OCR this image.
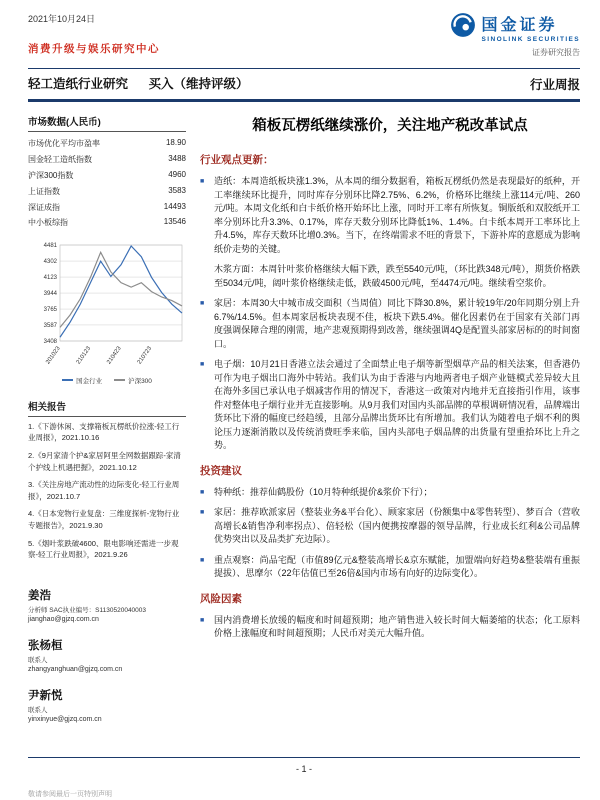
2021年10月24日
消费升级与娱乐研究中心
国金证券
SINOLINK SECURITIES
证券研究报告
轻工造纸行业研究 买入（维持评级）	行业周报
市场数据(人民币)
市场优化平均市盈率	18.90
国金轻工造纸指数	3488
沪深300指数	4960
上证指数	3583
深证成指	14493
中小板综指	13546
3408
3587
3765
3944
4123
4302
4481
201023 210123 210423 210723
国金行业	沪深300
相关报告
1.《下游休闲、支撑箱板瓦楞纸价拉涨-轻工行业周报》 ， 2021.10.16
2.《9月家清个护&家居阿里全网数据跟踪-家清个护线上机遇把握》 ， 2021.10.12
3.《关注房地产流动性的边际变化-轻工行业周报》 ， 2021.10.7
4.《日本宠物行业复盘：三维度探析-宠物行业专题报告》 ， 2021.9.30
5.《烟叶浆跌破4600、限电影响还需进一步观察-轻工行业周报》 ， 2021.9.26
姜浩
分析师 SAC执业编号：S1130520040003
jianghao@gjzq.com.cn
张杨桓
联系人
zhangyanghuan@gjzq.com.cn
尹新悦
联系人
yinxinyue@gjzq.com.cn
箱板瓦楞纸继续涨价，关注地产税改革试点
行业观点更新：
■
造纸：本周造纸板块涨1.3%，从本周的细分数据看，箱板瓦楞纸仍然是表现最好的纸种，开工率继续环比提升，同时库存分别环比降2.75%、6.2%，价格环比继续上涨114元/吨、260元/吨。本周文化纸和白卡纸价格开始环比上涨，同时开工率有所恢复。铜版纸和双胶纸开工率分别环比升3.3%、0.17%，库存天数分别环比降低1%、1.4%。白卡纸本周开工率环比上升4.5%，库存天数环比增0.3%。当下，在终端需求不旺的背景下，下游补库的意愿成为影响纸价走势的关键。
木浆方面：本周针叶浆价格继续大幅下跌，跌至5540元/吨，（环比跌348元/吨），期货价格跌至5034元/吨，阔叶浆价格继续走低，跌破4500元/吨，至4474元/吨。继续看空浆价。
■
家居：本周30大中城市成交面积（当周值）同比下降30.8%，累计较19年/20年同期分别上升6.7%/14.5%。但本周家居板块表现不佳，板块下跌5.4%。催化因素仍在于国家有关部门再度强调保障合理的刚需，地产悲观预期得到改善，继续强调4Q是配置头部家居标的的时间窗口。
■
电子烟：10月21日香港立法会通过了全面禁止电子烟等新型烟草产品的相关法案，但香港仍可作为电子烟出口海外中转站。我们认为由于香港与内地两者电子烟产业链模式差异较大且在海外多国已承认电子烟减害作用的情况下，香港这一政策对内地并无直接指引作用，该事件对整体电子烟行业并无直接影响。从9月我们对国内头部品牌的草根调研情况看，品牌端出货环比下滑的幅度已经趋缓，且部分品牌出货环比有所增加。我们认为随着电子烟不利的舆论压力逐渐消散以及传统消费旺季来临，国内头部电子烟品牌的出货量有望重拾环比上升之势。
投资建议
■
特种纸：推荐仙鹤股份（10月特种纸提价&浆价下行）；
■
家居：推荐欧派家居（整装业务&平台化）、顾家家居（份额集中&零售转型）、梦百合（营收高增长&销售净利率拐点）、倍轻松（国内便携按摩器的领导品牌，行业成长红利&公司品牌优势突出以及品类扩充边际）。
■
重点观察：尚品宅配（市值89亿元&整装高增长&京东赋能，加盟端向好趋势&整装端有重振提拔）、思摩尔（22年估值已至26倍&国内市场有向好的边际变化）。
风险因素
■
国内消费增长放缓的幅度和时间超预期；地产销售进入较长时间大幅萎缩的状态；化工原料价格上涨幅度和时间超预期；人民币对美元大幅升值。
- 1 -
敬请参阅最后一页特别声明
